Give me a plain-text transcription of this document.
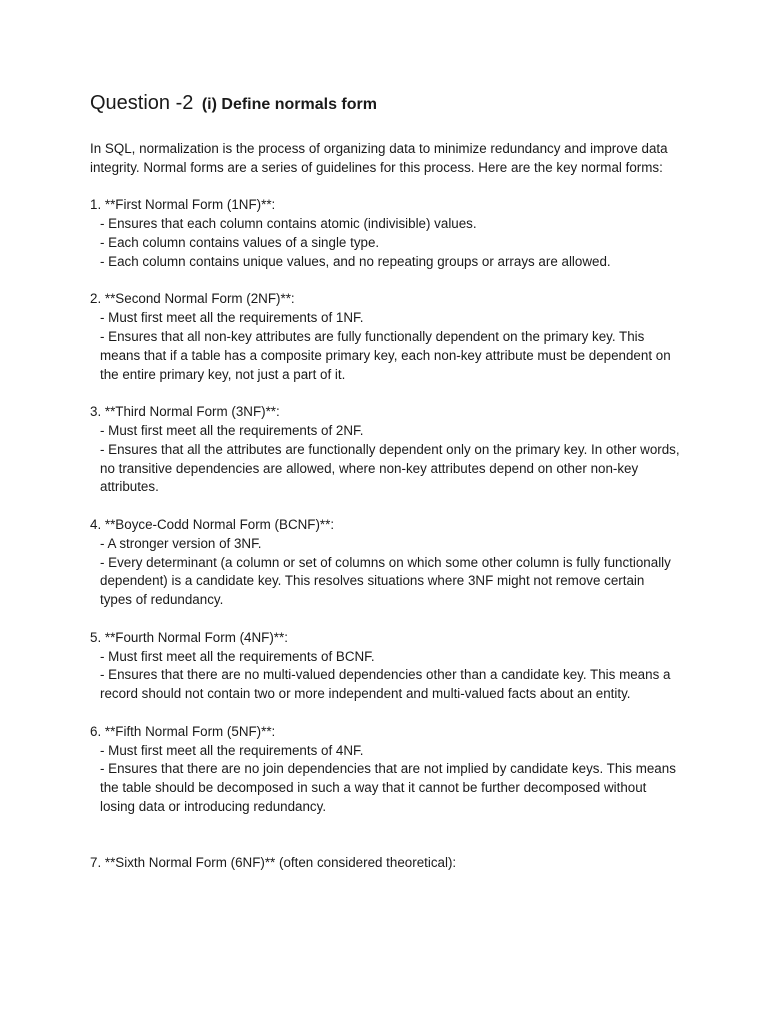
Question -2 (i) Define normals form

In SQL, normalization is the process of organizing data to minimize redundancy and improve data integrity. Normal forms are a series of guidelines for this process. Here are the key normal forms:

1. **First Normal Form (1NF)**:

- Ensures that each column contains atomic (indivisible) values.

- Each column contains values of a single type.

- Each column contains unique values, and no repeating groups or arrays are allowed.

2. **Second Normal Form (2NF)**:

- Must first meet all the requirements of 1NF.

- Ensures that all non-key attributes are fully functionally dependent on the primary key. This means that if a table has a composite primary key, each non-key attribute must be dependent on the entire primary key, not just a part of it.

3. **Third Normal Form (3NF)**:

- Must first meet all the requirements of 2NF.

- Ensures that all the attributes are functionally dependent only on the primary key. In other words, no transitive dependencies are allowed, where non-key attributes depend on other non-key attributes.

4. **Boyce-Codd Normal Form (BCNF)**:

- A stronger version of 3NF.

- Every determinant (a column or set of columns on which some other column is fully functionally dependent) is a candidate key. This resolves situations where 3NF might not remove certain types of redundancy.

5. **Fourth Normal Form (4NF)**:

- Must first meet all the requirements of BCNF.

- Ensures that there are no multi-valued dependencies other than a candidate key. This means a record should not contain two or more independent and multi-valued facts about an entity.

6. **Fifth Normal Form (5NF)**:

- Must first meet all the requirements of 4NF.

- Ensures that there are no join dependencies that are not implied by candidate keys. This means the table should be decomposed in such a way that it cannot be further decomposed without losing data or introducing redundancy.

7. **Sixth Normal Form (6NF)** (often considered theoretical):
